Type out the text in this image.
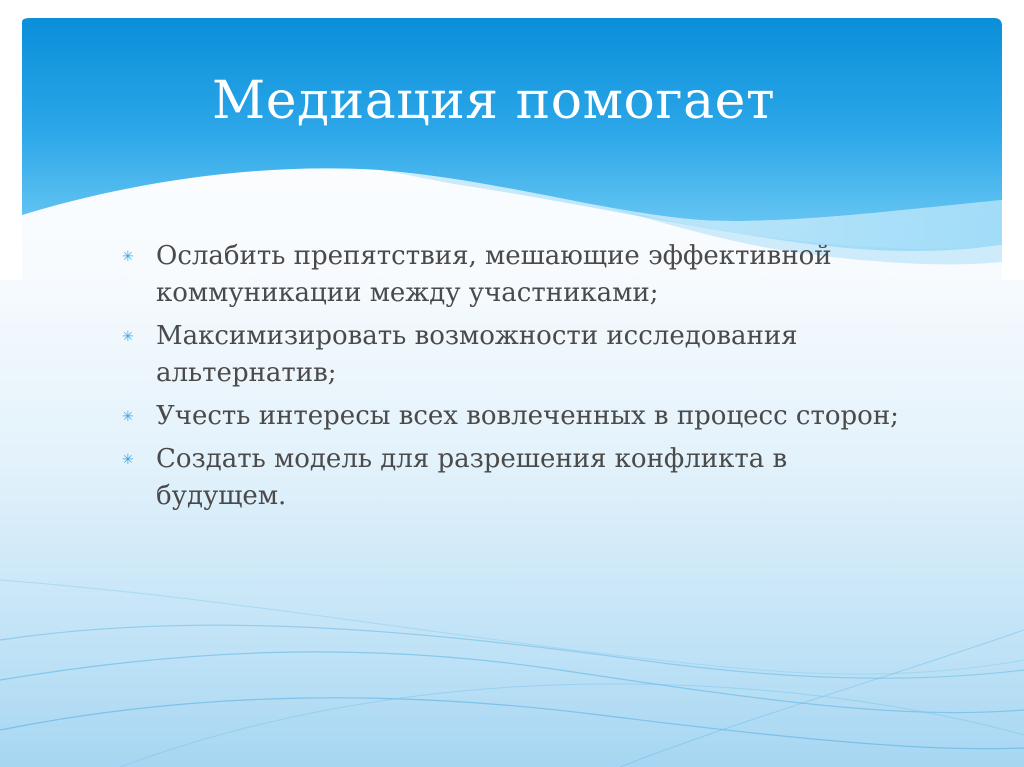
Медиация помогает
✳ Ослабить препятствия, мешающие эффективной коммуникации между участниками;
✳ Максимизировать возможности исследования альтернатив;
✳ Учесть интересы всех вовлеченных в процесс сторон;
✳ Создать модель для разрешения конфликта в будущем.
